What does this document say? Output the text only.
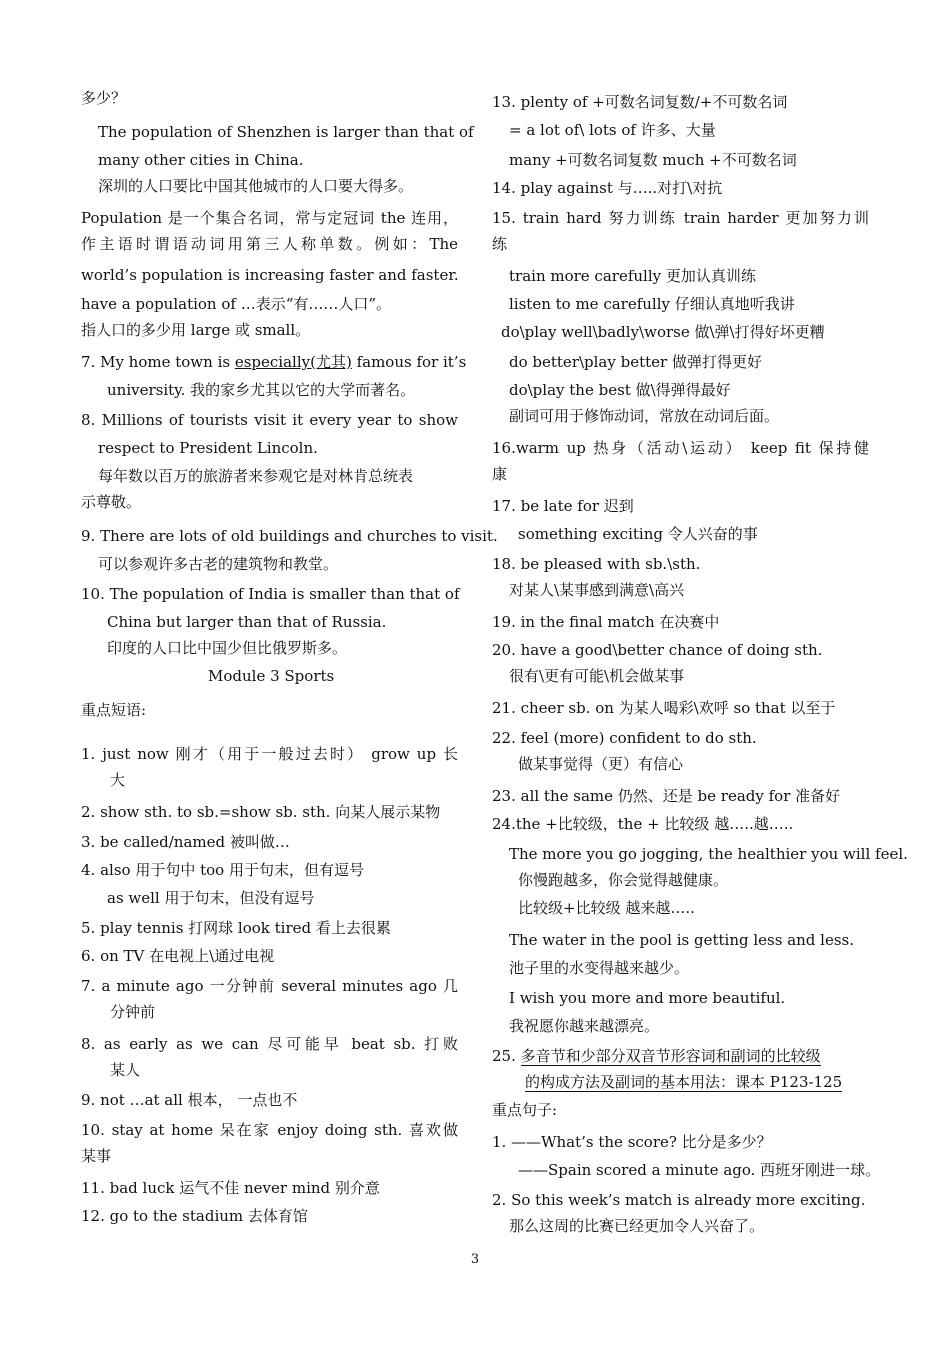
多少？
The population of Shenzhen is larger than that of
many other cities in China.
深圳的人口要比中国其他城市的人口要大得多。
Population 是一个集合名词，常与定冠词 the 连用，
作主语时谓语动词用第三人称单数。例如：The
world’s population is increasing faster and faster.
have a population of …表示“有……人口”。
指人口的多少用 large 或 small。
7. My home town is especially(尤其) famous for it’s
university. 我的家乡尤其以它的大学而著名。
8. Millions of tourists visit it every year to show
respect to President Lincoln.
每年数以百万的旅游者来参观它是对林肯总统表
示尊敬。
9. There are lots of old buildings and churches to visit.
可以参观许多古老的建筑物和教堂。
10. The population of India is smaller than that of
China but larger than that of Russia.
印度的人口比中国少但比俄罗斯多。
Module 3 Sports
重点短语:
1. just now 刚才（用于一般过去时） grow up 长
大
2. show sth. to sb.=show sb. sth. 向某人展示某物
3. be called/named 被叫做…
4. also 用于句中 too 用于句末，但有逗号
as well 用于句末，但没有逗号
5. play tennis 打网球 look tired 看上去很累
6. on TV 在电视上\通过电视
7. a minute ago 一分钟前 several minutes ago 几
分钟前
8. as early as we can 尽可能早 beat sb. 打败
某人
9. not …at all 根本， 一点也不
10. stay at home 呆在家 enjoy doing sth. 喜欢做
某事
11. bad luck 运气不佳 never mind 别介意
12. go to the stadium 去体育馆
13. plenty of +可数名词复数/+不可数名词
= a lot of\ lots of 许多、大量
many +可数名词复数 much +不可数名词
14. play against 与…..对打\对抗
15. train hard 努力训练 train harder 更加努力训
练
train more carefully 更加认真训练
listen to me carefully 仔细认真地听我讲
do\play well\badly\worse 做\弹\打得好坏更糟
do better\play better 做弹打得更好
do\play the best 做\得弹得最好
副词可用于修饰动词，常放在动词后面。
16.warm up 热身（活动\运动） keep fit 保持健
康
17. be late for 迟到
something exciting 令人兴奋的事
18. be pleased with sb.\sth.
对某人\某事感到满意\高兴
19. in the final match 在决赛中
20. have a good\better chance of doing sth.
很有\更有可能\机会做某事
21. cheer sb. on 为某人喝彩\欢呼 so that 以至于
22. feel (more) confident to do sth.
做某事觉得（更）有信心
23. all the same 仍然、还是 be ready for 准备好
24.the +比较级，the + 比较级 越…..越…..
The more you go jogging, the healthier you will feel.
你慢跑越多，你会觉得越健康。
比较级+比较级 越来越…..
The water in the pool is getting less and less.
池子里的水变得越来越少。
I wish you more and more beautiful.
我祝愿你越来越漂亮。
25. 多音节和少部分双音节形容词和副词的比较级
的构成方法及副词的基本用法：课本 P123-125
重点句子:
1. ——What’s the score? 比分是多少？
——Spain scored a minute ago. 西班牙刚进一球。
2. So this week’s match is already more exciting.
那么这周的比赛已经更加令人兴奋了。
3
